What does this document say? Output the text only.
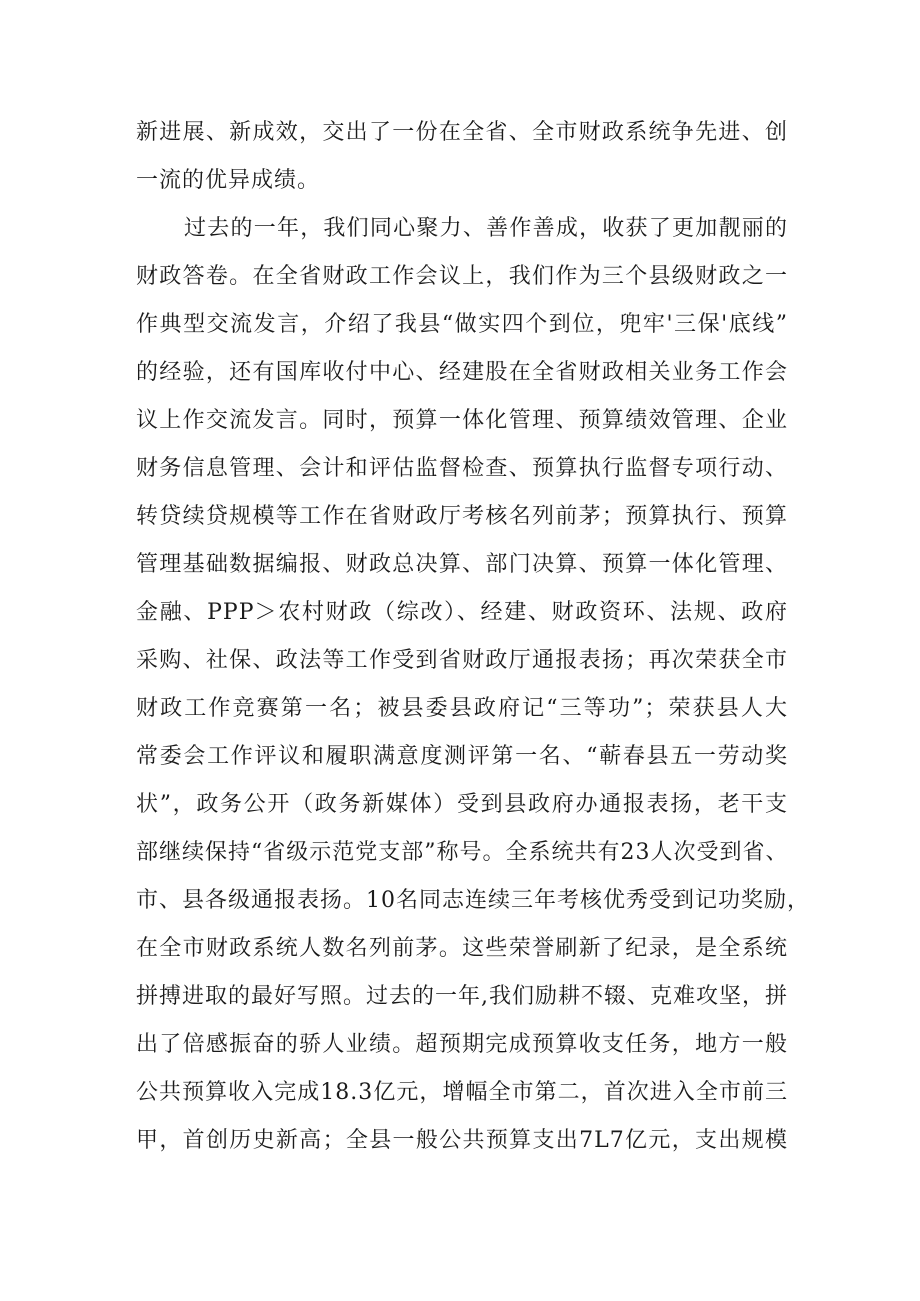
新进展、新成效，交出了一份在全省、全市财政系统争先进、创
一流的优异成绩。
过去的一年，我们同心聚力、善作善成，收获了更加靓丽的
财政答卷。在全省财政工作会议上，我们作为三个县级财政之一
作典型交流发言，介绍了我县“做实四个到位，兜牢'三保'底线”
的经验，还有国库收付中心、经建股在全省财政相关业务工作会
议上作交流发言。同时，预算一体化管理、预算绩效管理、企业
财务信息管理、会计和评估监督检查、预算执行监督专项行动、
转贷续贷规模等工作在省财政厅考核名列前茅；预算执行、预算
管理基础数据编报、财政总决算、部门决算、预算一体化管理、
金融、PPP＞农村财政（综改）、经建、财政资环、法规、政府
采购、社保、政法等工作受到省财政厅通报表扬；再次荣获全市
财政工作竞赛第一名；被县委县政府记“三等功”；荣获县人大
常委会工作评议和履职满意度测评第一名、“蕲春县五一劳动奖
状”，政务公开（政务新媒体）受到县政府办通报表扬，老干支
部继续保持“省级示范党支部”称号。全系统共有23人次受到省、
市、县各级通报表扬。10名同志连续三年考核优秀受到记功奖励，
在全市财政系统人数名列前茅。这些荣誉刷新了纪录，是全系统
拼搏进取的最好写照。过去的一年,我们励耕不辍、克难攻坚，拼
出了倍感振奋的骄人业绩。超预期完成预算收支任务，地方一般
公共预算收入完成18.3亿元，增幅全市第二，首次进入全市前三
甲，首创历史新高；全县一般公共预算支出7L7亿元，支出规模
